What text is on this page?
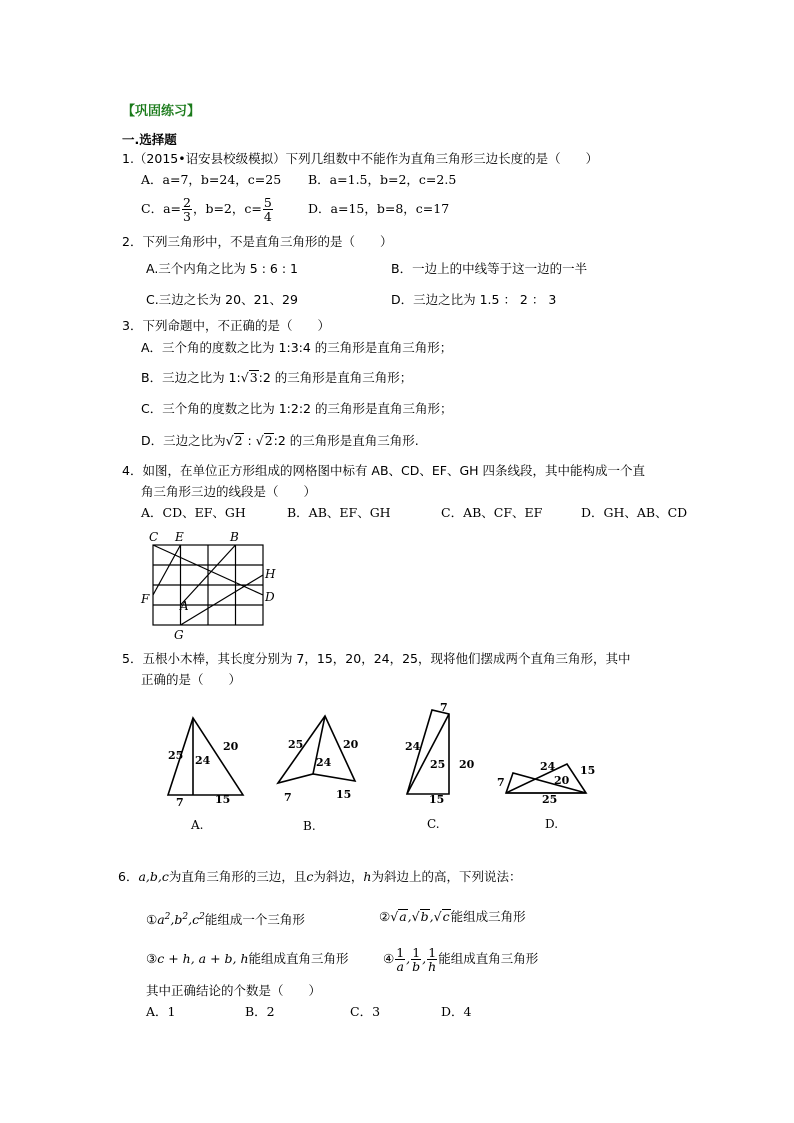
【巩固练习】
一.选择题
1.（2015•诏安县校级模拟）下列几组数中不能作为直角三角形三边长度的是（　　）
A．a=7，b=24，c=25 B．a=1.5，b=2，c=2.5
C．$a= \frac{2}{3}$ ，b=2，$c= \frac{5}{4}$	D．a=15，b=8，c=17
2．下列三角形中，不是直角三角形的是（　　）
A.三个内角之比为 5 : 6 : 1	B．一边上的中线等于这一边的一半
C.三边之长为 20、21、29	D．三边之比为 1.5 ： 2 ： 3
3．下列命题中，不正确的是（　　）
A．三个角的度数之比为 1:3:4 的三角形是直角三角形；
B．三边之比为 1:√3:2 的三角形是直角三角形；
C．三个角的度数之比为 1:2:2 的三角形是直角三角形；
D．三边之比为√2 : √2:2 的三角形是直角三角形.
4．如图，在单位正方形组成的网格图中标有 AB、CD、EF、GH 四条线段，其中能构成一个直
角三角形三边的线段是（　　）
A．CD、EF、GH	B．AB、EF、GH	C．AB、CF、EF	D．GH、AB、CD
C E	B
H
F	A
D
G
5．五根小木棒，其长度分别为 7，15，20，24，25，现将他们摆成两个直角三角形，其中
正确的是（　　）
25 24
20
7	15
25
24
20
7	15
7
24
25 20
15
7
24
20
15
25
A.	B.	C.	D.
6．a,b,c为直角三角形的三边，且c为斜边，h为斜边上的高，下列说法：
$①a^2,b^2,c^2$能组成一个三角形	②√a,√b,√c能组成三角形
③c + h, a + b, h能组成直角三角形	④ $\frac{1}{a}$ , $\frac{1}{b}$ , $\frac{1}{h}$ 能组成直角三角形
其中正确结论的个数是（　　）
A．1	B．2	C．3	D．4
